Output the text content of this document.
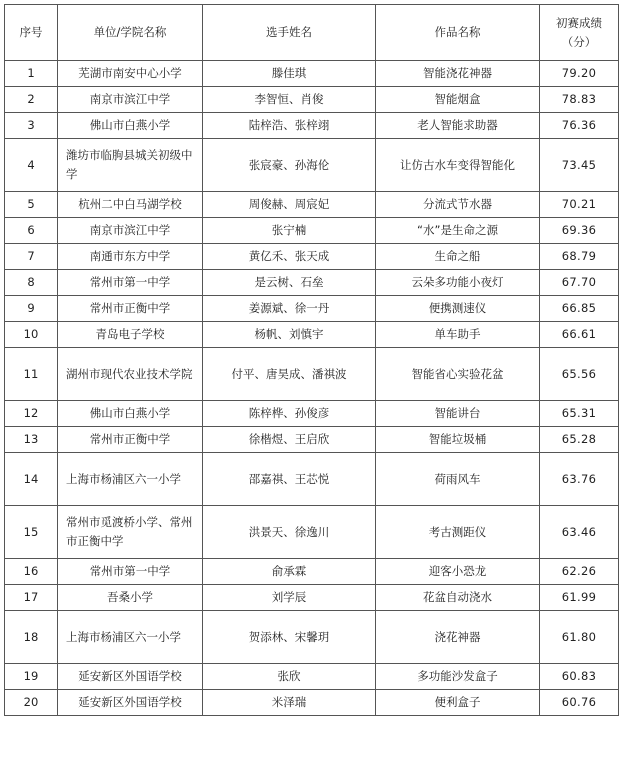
序号	单位/学院名称	选手姓名	作品名称	初赛成绩
（分）

1	芜湖市南安中心小学	滕佳琪	智能浇花神器	79.20
2	南京市滨江中学	李智恒、肖俊	智能烟盒	78.83
3	佛山市白燕小学	陆梓浩、张梓翊	老人智能求助器	76.36
4	潍坊市临朐县城关初级中学	张宸豪、孙海伦	让仿古水车变得智能化	73.45
5	杭州二中白马湖学校	周俊赫、周宸妃	分流式节水器	70.21
6	南京市滨江中学	张宁楠	“水”是生命之源	69.36
7	南通市东方中学	黄亿禾、张天成	生命之船	68.79
8	常州市第一中学	是云树、石垒	云朵多功能小夜灯	67.70
9	常州市正衡中学	姜源斌、徐一丹	便携测速仪	66.85
10	青岛电子学校	杨帆、刘慎宇	单车助手	66.61
11	湖州市现代农业技术学院	付平、唐昊成、潘祺波	智能省心实验花盆	65.56
12	佛山市白燕小学	陈梓桦、孙俊彦	智能讲台	65.31
13	常州市正衡中学	徐楷煜、王启欣	智能垃圾桶	65.28
14	上海市杨浦区六一小学	邵嘉祺、王芯悦	荷雨风车	63.76
15	常州市觅渡桥小学、常州市正衡中学	洪景天、徐逸川	考古测距仪	63.46
16	常州市第一中学	俞承霖	迎客小恐龙	62.26
17	吾桑小学	刘学辰	花盆自动浇水	61.99
18	上海市杨浦区六一小学	贺添林、宋馨玥	浇花神器	61.80
19	延安新区外国语学校	张欣	多功能沙发盒子	60.83
20	延安新区外国语学校	米泽瑞	便利盒子	60.76
